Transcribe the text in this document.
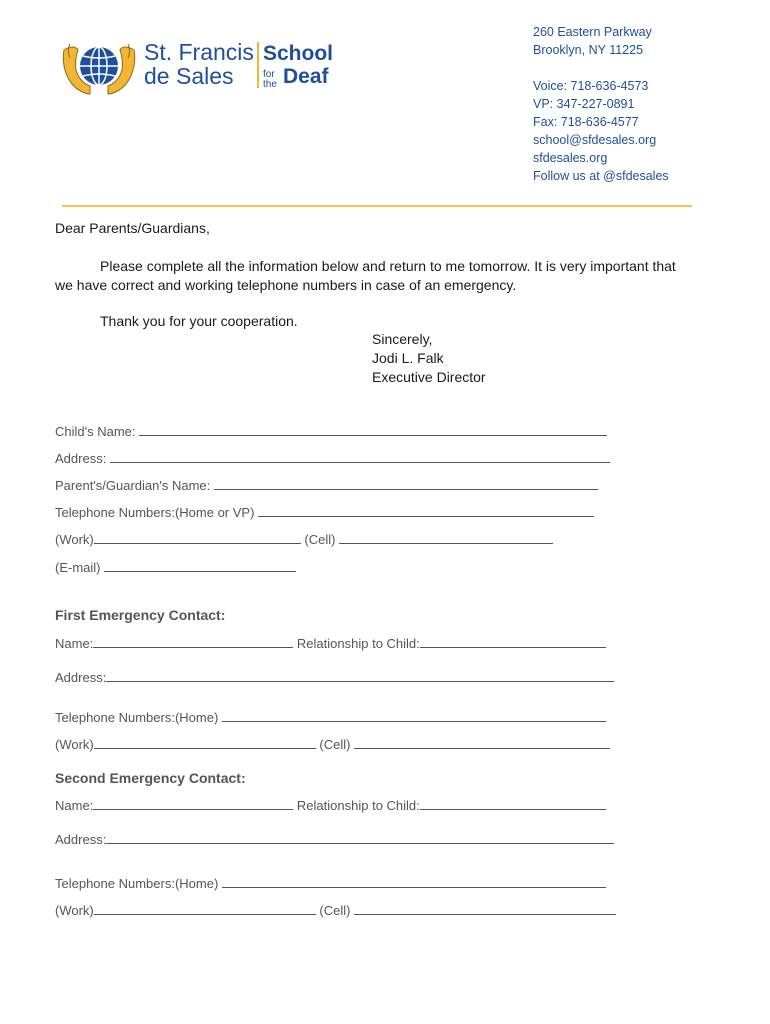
St. Francis
de Sales
School
for
the Deaf
260 Eastern Parkway
Brooklyn, NY 11225
Voice: 718-636-4573
VP: 347-227-0891
Fax: 718-636-4577
school@sfdesales.org
sfdesales.org
Follow us at @sfdesales
Dear Parents/Guardians,
Please complete all the information below and return to me tomorrow. It is very important that
we have correct and working telephone numbers in case of an emergency.
Thank you for your cooperation.
Sincerely,
Jodi L. Falk
Executive Director
Child's Name:
Address:
Parent's/Guardian's Name:
Telephone Numbers:(Home or VP)
(Work)	(Cell)
(E-mail)
First Emergency Contact:
Name:	Relationship to Child:
Address:
Telephone Numbers:(Home)
(Work)	(Cell)
Second Emergency Contact:
Name:	Relationship to Child:
Address:
Telephone Numbers:(Home)
(Work)	(Cell)
